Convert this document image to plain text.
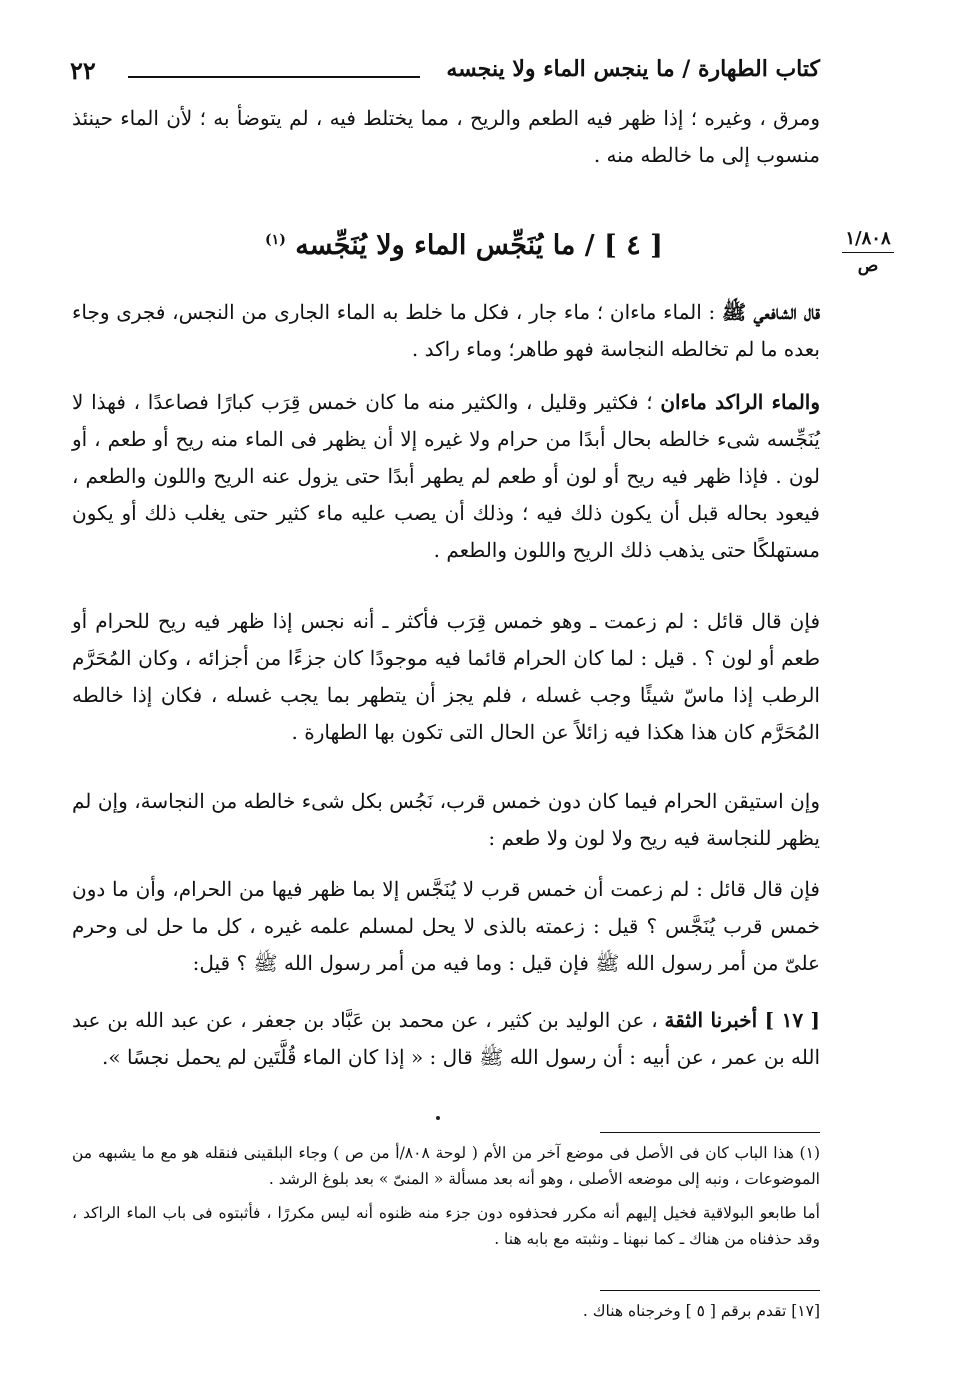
٢٢	كتاب الطهارة / ما ينجس الماء ولا ينجسه

ومرق ، وغيره ؛ إذا ظهر فيه الطعم والريح ، مما يختلط فيه ، لم يتوضأ به ؛ لأن الماء حينئذ منسوب إلى ما خالطه منه .

١/٨٠٨
ص
[ ٤ ] / ما يُنَجِّس الماء ولا يُنَجِّسه $^{(١)}$

قال الشافعي ﷺ : الماء ماءان ؛ ماء جار ، فكل ما خلط به الماء الجارى من النجس، فجرى وجاء بعده ما لم تخالطه النجاسة فهو طاهر؛ وماء راكد .

والماء الراكد ماءان ؛ فكثير وقليل ، والكثير منه ما كان خمس قِرَب كبارًا فصاعدًا ، فهذا لا يُنَجِّسه شىء خالطه بحال أبدًا من حرام ولا غيره إلا أن يظهر فى الماء منه ريح أو طعم ، أو لون . فإذا ظهر فيه ريح أو لون أو طعم لم يطهر أبدًا حتى يزول عنه الريح واللون والطعم ، فيعود بحاله قبل أن يكون ذلك فيه ؛ وذلك أن يصب عليه ماء كثير حتى يغلب ذلك أو يكون مستهلكًا حتى يذهب ذلك الريح واللون والطعم .

فإن قال قائل : لم زعمت ـ وهو خمس قِرَب فأكثر ـ أنه نجس إذا ظهر فيه ريح للحرام أو طعم أو لون ؟ . قيل : لما كان الحرام قائما فيه موجودًا كان جزءًا من أجزائه ، وكان المُحَرَّم الرطب إذا ماسّ شيئًا وجب غسله ، فلم يجز أن يتطهر بما يجب غسله ، فكان إذا خالطه المُحَرَّم كان هذا هكذا فيه زائلاً عن الحال التى تكون بها الطهارة .

وإن استيقن الحرام فيما كان دون خمس قرب، نَجُس بكل شىء خالطه من النجاسة، وإن لم يظهر للنجاسة فيه ريح ولا لون ولا طعم :

فإن قال قائل : لم زعمت أن خمس قرب لا يُنَجَّس إلا بما ظهر فيها من الحرام، وأن ما دون خمس قرب يُنَجَّس ؟ قيل : زعمته بالذى لا يحل لمسلم علمه غيره ، كل ما حل لى وحرم علىّ من أمر رسول الله ﷺ فإن قيل : وما فيه من أمر رسول الله ﷺ ؟ قيل:

[ ١٧ ] أخبرنا الثقة ، عن الوليد بن كثير ، عن محمد بن عَبَّاد بن جعفر ، عن عبد الله بن عبد الله بن عمر ، عن أبيه : أن رسول الله ﷺ قال : « إذا كان الماء قُلَّتَين لم يحمل نجسًا ».

(١) هذا الباب كان فى الأصل فى موضع آخر من الأم ( لوحة ٨٠٨/أ من ص ) وجاء البلقينى فنقله هو مع ما يشبهه من الموضوعات ، ونبه إلى موضعه الأصلى ، وهو أنه بعد مسألة « المنىّ » بعد بلوغ الرشد .

أما طابعو البولاقية فخيل إليهم أنه مكرر فحذفوه دون جزء منه ظنوه أنه ليس مكررًا ، فأثبتوه فى باب الماء الراكد ، وقد حذفناه من هناك ـ كما نبهنا ـ ونثبته مع بابه هنا .

[١٧] تقدم برقم [ ٥ ] وخرجناه هناك .
